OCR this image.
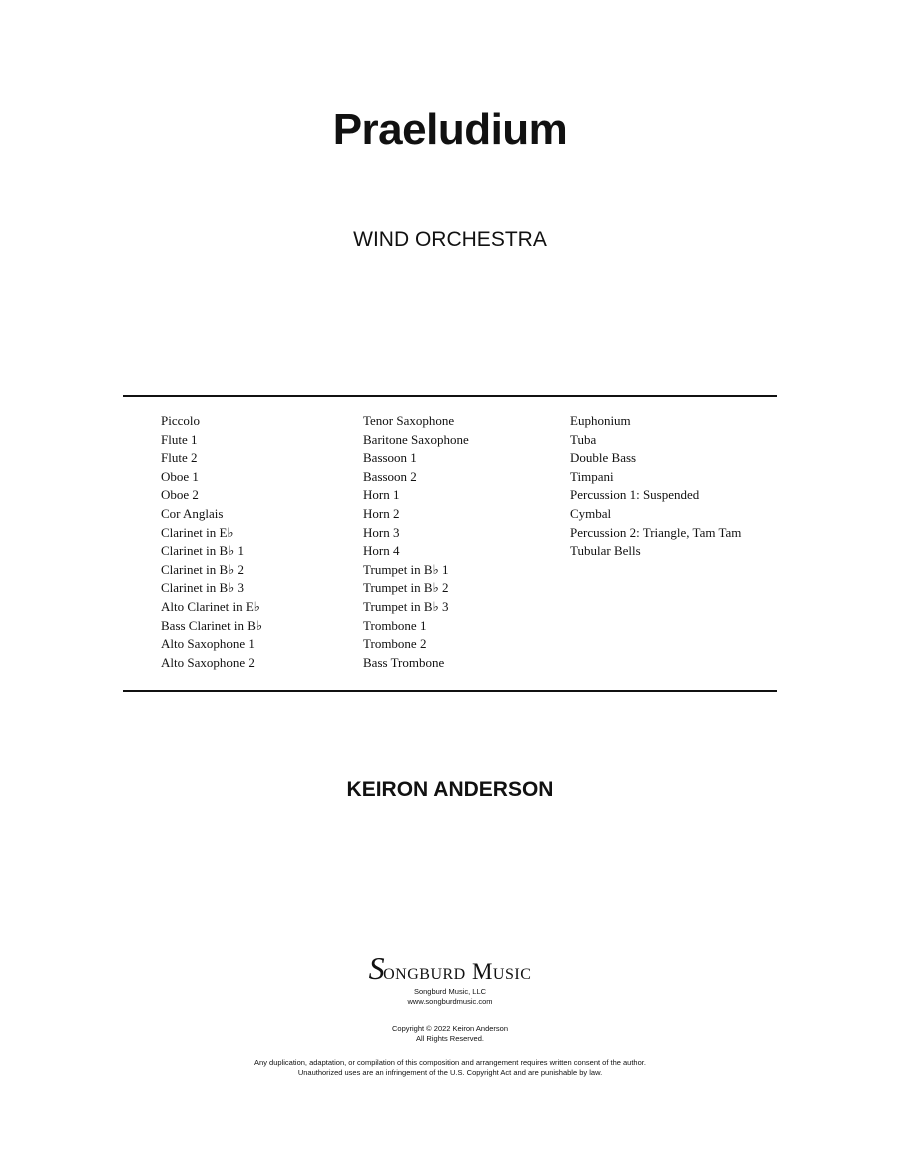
Praeludium
WIND ORCHESTRA
Piccolo
Flute 1
Flute 2
Oboe 1
Oboe 2
Cor Anglais
Clarinet in E♭
Clarinet in B♭ 1
Clarinet in B♭ 2
Clarinet in B♭ 3
Alto Clarinet in E♭
Bass Clarinet in B♭
Alto Saxophone 1
Alto Saxophone 2
Tenor Saxophone
Baritone Saxophone
Bassoon 1
Bassoon 2
Horn 1
Horn 2
Horn 3
Horn 4
Trumpet in B♭ 1
Trumpet in B♭ 2
Trumpet in B♭ 3
Trombone 1
Trombone 2
Bass Trombone
Euphonium
Tuba
Double Bass
Timpani
Percussion 1: Suspended
Cymbal
Percussion 2: Triangle, Tam Tam
Tubular Bells
KEIRON ANDERSON
Songburd Music
Songburd Music, LLC
www.songburdmusic.com
Copyright © 2022 Keiron Anderson
All Rights Reserved.
Any duplication, adaptation, or compilation of this composition and arrangement requires written consent of the author.
Unauthorized uses are an infringement of the U.S. Copyright Act and are punishable by law.
